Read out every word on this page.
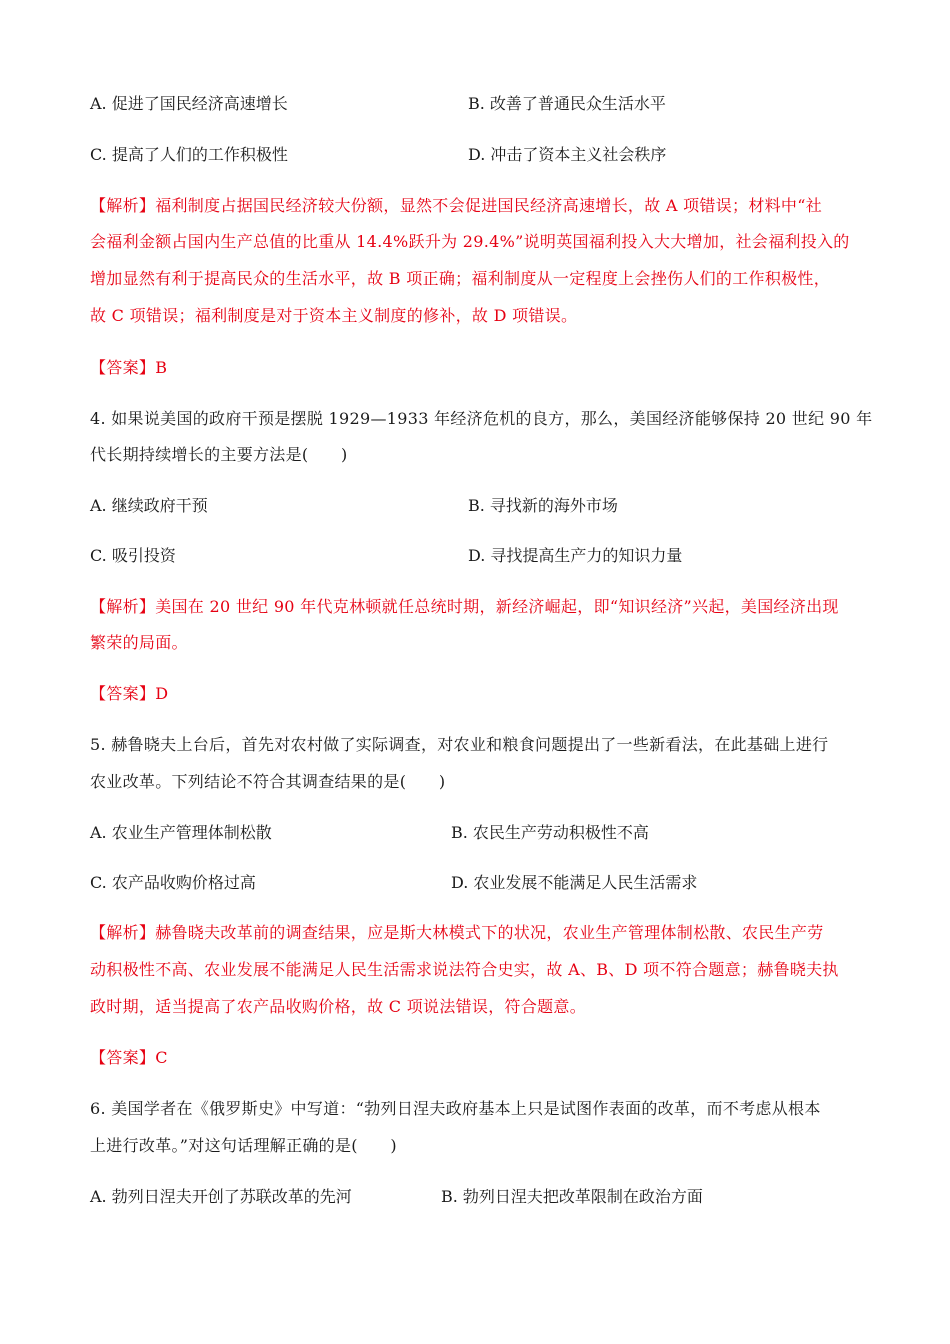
A. 促进了国民经济高速增长	B. 改善了普通民众生活水平
C. 提高了人们的工作积极性	D. 冲击了资本主义社会秩序
【解析】福利制度占据国民经济较大份额，显然不会促进国民经济高速增长，故 A 项错误；材料中“社
会福利金额占国内生产总值的比重从 14.4%跃升为 29.4%”说明英国福利投入大大增加，社会福利投入的
增加显然有利于提高民众的生活水平，故 B 项正确；福利制度从一定程度上会挫伤人们的工作积极性，
故 C 项错误；福利制度是对于资本主义制度的修补，故 D 项错误。
【答案】B
4. 如果说美国的政府干预是摆脱 1929—1933 年经济危机的良方，那么，美国经济能够保持 20 世纪 90 年
代长期持续增长的主要方法是(　　)
A. 继续政府干预	B. 寻找新的海外市场
C. 吸引投资	D. 寻找提高生产力的知识力量
【解析】美国在 20 世纪 90 年代克林顿就任总统时期，新经济崛起，即“知识经济”兴起，美国经济出现
繁荣的局面。
【答案】D
5. 赫鲁晓夫上台后，首先对农村做了实际调查，对农业和粮食问题提出了一些新看法，在此基础上进行
农业改革。下列结论不符合其调查结果的是(　　)
A. 农业生产管理体制松散	B. 农民生产劳动积极性不高
C. 农产品收购价格过高	D. 农业发展不能满足人民生活需求
【解析】赫鲁晓夫改革前的调查结果，应是斯大林模式下的状况，农业生产管理体制松散、农民生产劳
动积极性不高、农业发展不能满足人民生活需求说法符合史实，故 A、B、D 项不符合题意；赫鲁晓夫执
政时期，适当提高了农产品收购价格，故 C 项说法错误，符合题意。
【答案】C
6. 美国学者在《俄罗斯史》中写道：“勃列日涅夫政府基本上只是试图作表面的改革，而不考虑从根本
上进行改革。”对这句话理解正确的是(　　)
A. 勃列日涅夫开创了苏联改革的先河	B. 勃列日涅夫把改革限制在政治方面
